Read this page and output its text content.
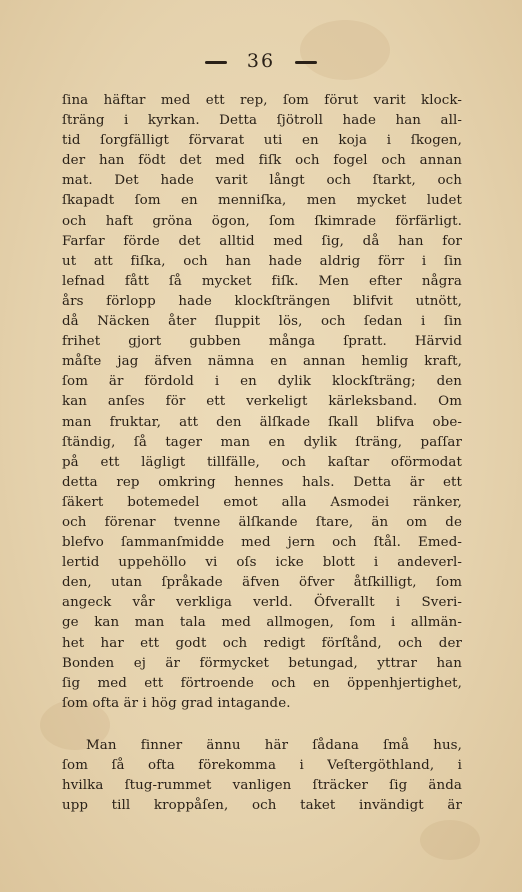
36
ſina häftar med ett rep, ſom förut varit klock-
ſträng i kyrkan. Detta ſjötroll hade han all-
tid ſorgfälligt förvarat uti en koja i ſkogen,
der han födt det med fiſk och fogel och annan
mat. Det hade varit långt och ſtarkt, och
ſkapadt ſom en menniſka, men mycket ludet
och haft gröna ögon, ſom ſkimrade förfärligt.
Farfar förde det alltid med ſig, då han for
ut att fiſka, och han hade aldrig förr i ſin
lefnad fått ſå mycket fiſk. Men efter några
års förlopp hade klockſträngen blifvit utnött,
då Näcken åter ſluppit lös, och ſedan i ſin
frihet gjort gubben många ſpratt. Härvid
måſte jag äfven nämna en annan hemlig kraft,
ſom är fördold i en dylik klockſträng; den
kan anſes för ett verkeligt kärleksband. Om
man fruktar, att den älſkade ſkall blifva obe-
ſtändig, ſå tager man en dylik ſträng, paſſar
på ett lägligt tillfälle, och kaſtar oförmodat
detta rep omkring hennes hals. Detta är ett
ſäkert botemedel emot alla Asmodei ränker,
och förenar tvenne älſkande ſtare, än om de
blefvo ſammanſmidde med jern och ſtål. Emed-
lertid uppehöllo vi oſs icke blott i andeverl-
den, utan ſpråkade äfven öfver åtſkilligt, ſom
angeck vår verkliga verld. Öfverallt i Sveri-
ge kan man tala med allmogen, ſom i allmän-
het har ett godt och redigt förſtånd, och der
Bonden ej är förmycket betungad, yttrar han
ſig med ett förtroende och en öppenhjertighet,
ſom ofta är i hög grad intagande.
Man finner ännu här ſådana ſmå hus,
ſom ſå ofta förekomma i Veſtergöthland, i
hvilka ſtug-rummet vanligen ſträcker ſig ända
upp till kroppåſen, och taket invändigt är
